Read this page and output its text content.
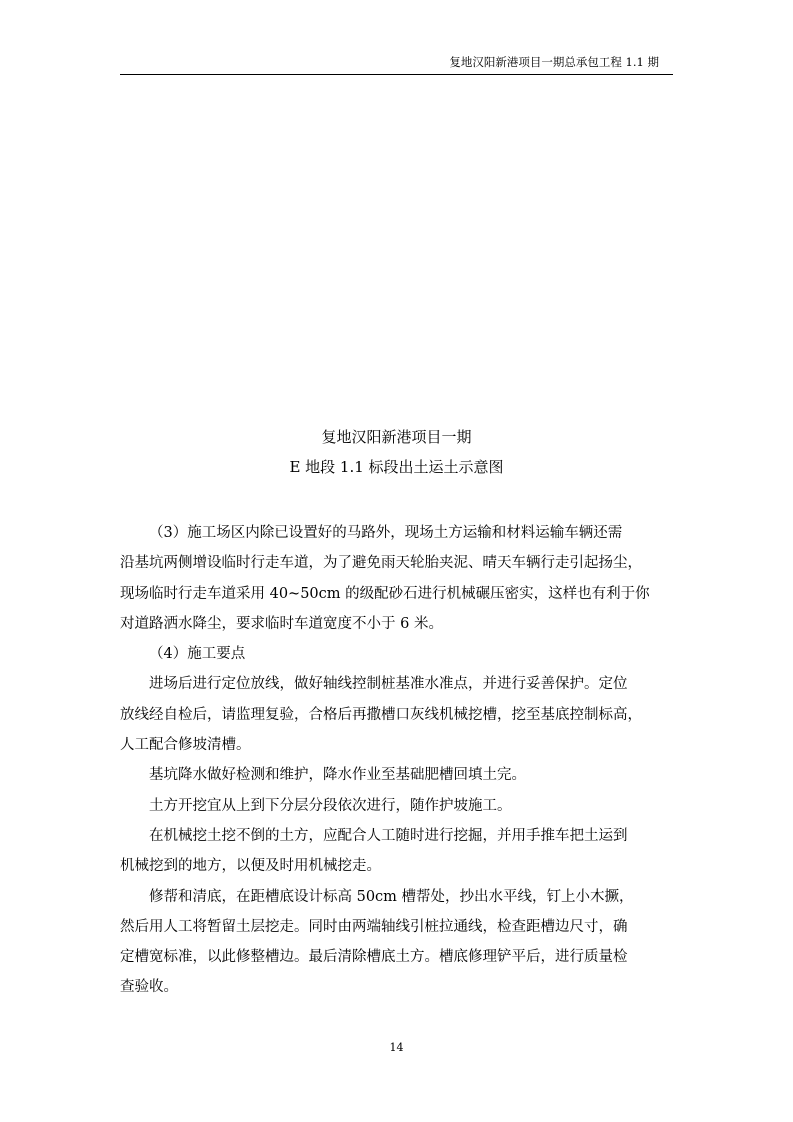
复地汉阳新港项目一期总承包工程 1.1 期
复地汉阳新港项目一期
E 地段 1.1 标段出土运土示意图
（3）施工场区内除已设置好的马路外，现场土方运输和材料运输车辆还需
沿基坑两侧增设临时行走车道，为了避免雨天轮胎夹泥、晴天车辆行走引起扬尘，
现场临时行走车道采用 40~50cm 的级配砂石进行机械碾压密实，这样也有利于你
对道路洒水降尘，要求临时车道宽度不小于 6 米。
（4）施工要点
进场后进行定位放线，做好轴线控制桩基准水准点，并进行妥善保护。定位
放线经自检后，请监理复验，合格后再撒槽口灰线机械挖槽，挖至基底控制标高，
人工配合修坡清槽。
基坑降水做好检测和维护，降水作业至基础肥槽回填土完。
土方开挖宜从上到下分层分段依次进行，随作护坡施工。
在机械挖土挖不倒的土方，应配合人工随时进行挖掘，并用手推车把土运到
机械挖到的地方，以便及时用机械挖走。
修帮和清底，在距槽底设计标高 50cm 槽帮处，抄出水平线，钉上小木撅，
然后用人工将暂留土层挖走。同时由两端轴线引桩拉通线，检查距槽边尺寸，确
定槽宽标准，以此修整槽边。最后清除槽底土方。槽底修理铲平后，进行质量检
查验收。
14
